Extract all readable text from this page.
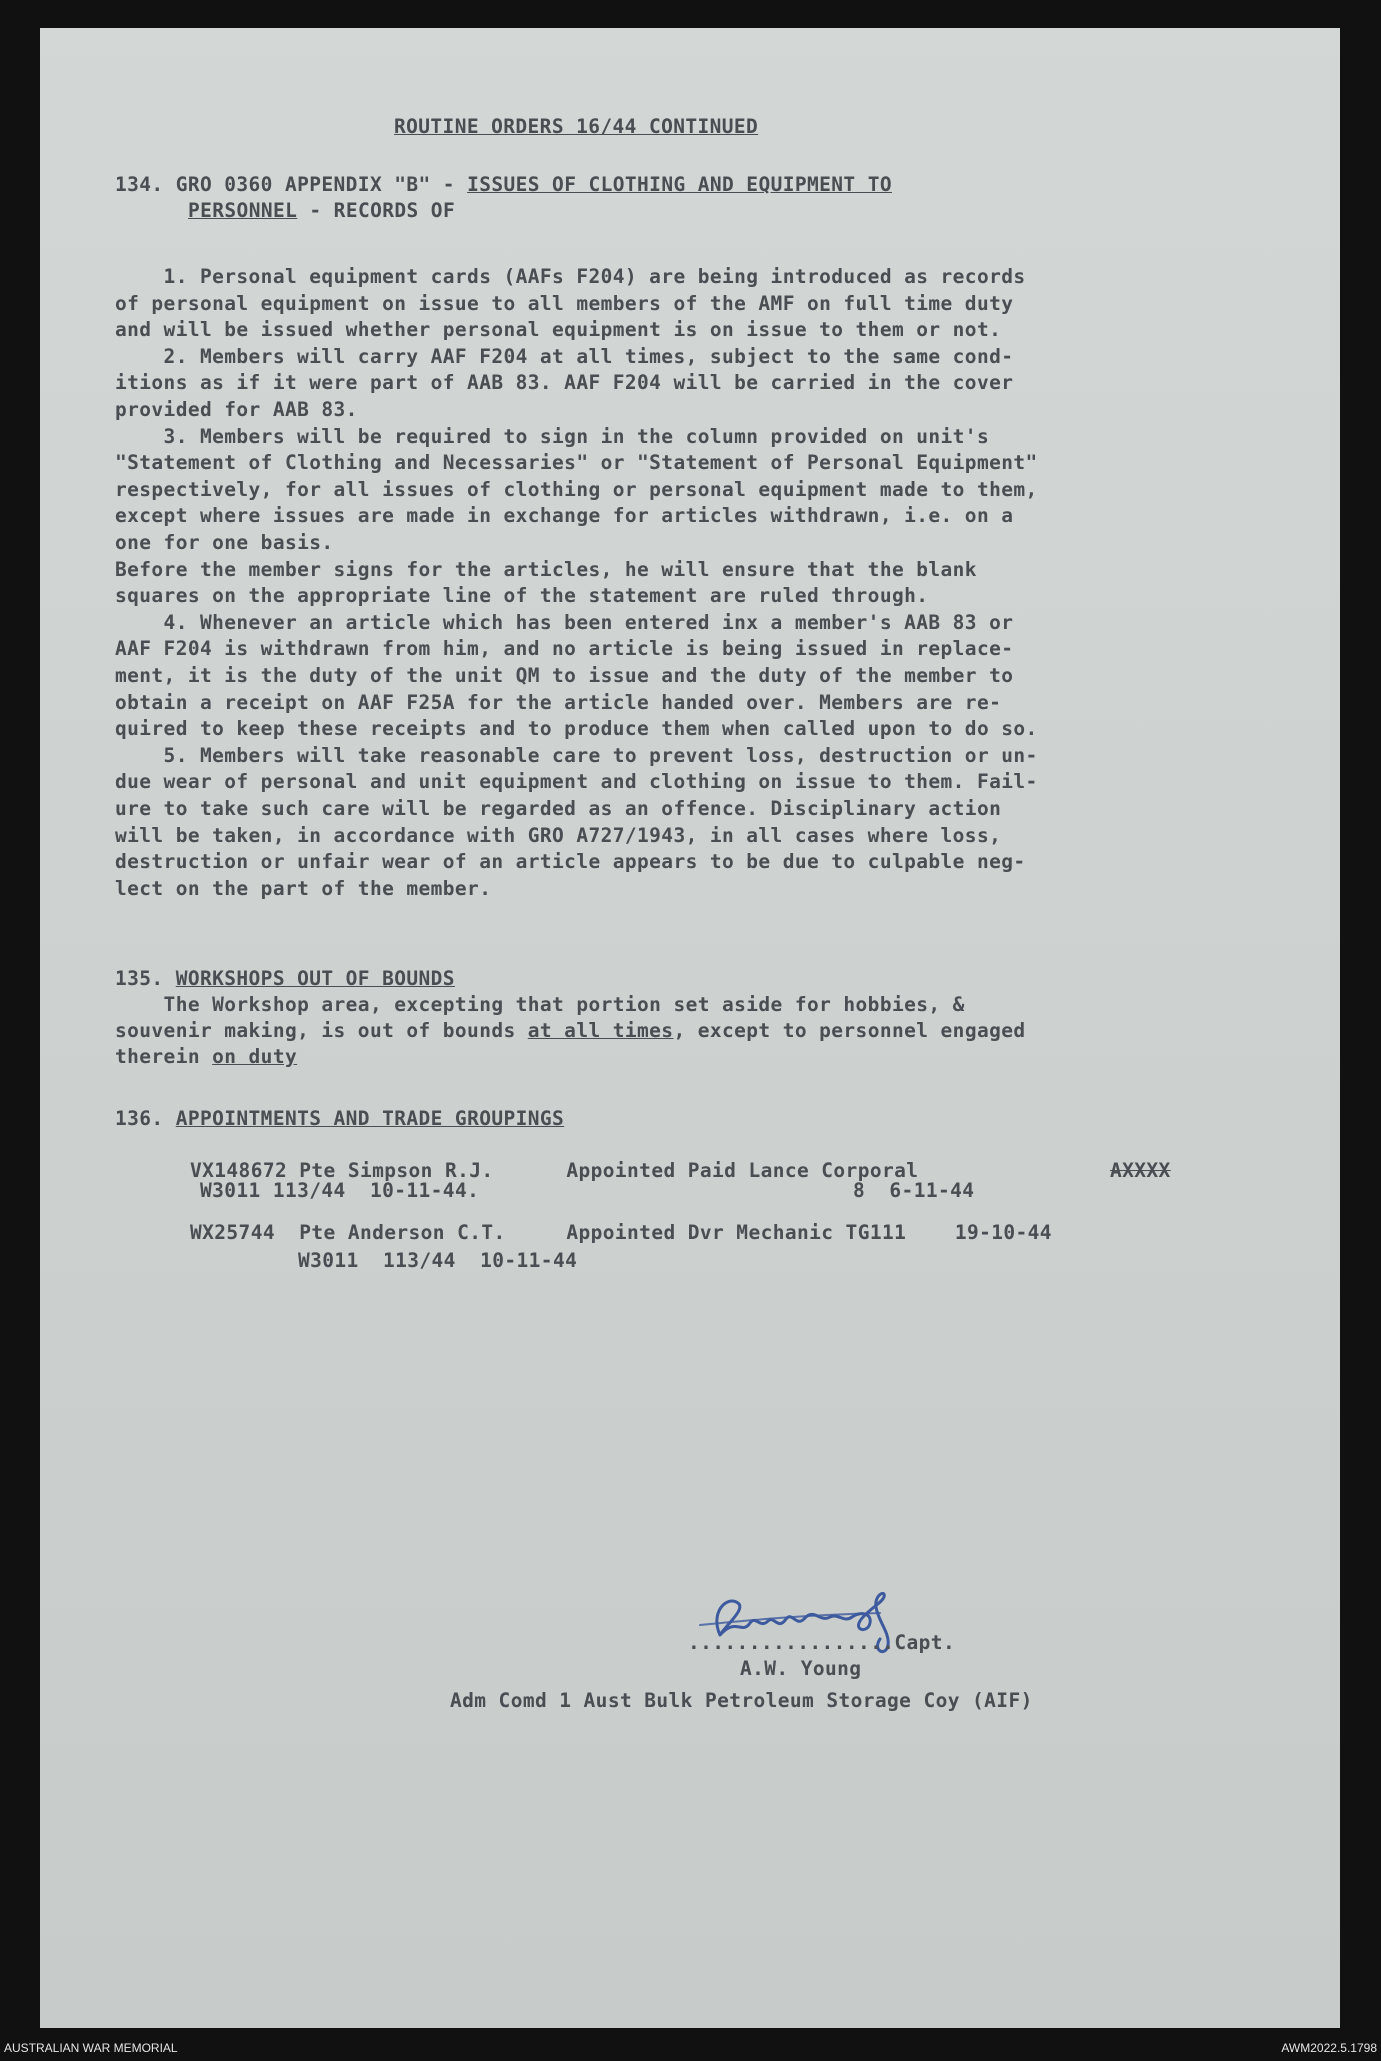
ROUTINE ORDERS 16/44 CONTINUED
134. GRO 0360 APPENDIX "B" - ISSUES OF CLOTHING AND EQUIPMENT TO
PERSONNEL - RECORDS OF
1. Personal equipment cards (AAFs F204) are being introduced as records
of personal equipment on issue to all members of the AMF on full time duty
and will be issued whether personal equipment is on issue to them or not.
2. Members will carry AAF F204 at all times, subject to the same cond-
itions as if it were part of AAB 83. AAF F204 will be carried in the cover
provided for AAB 83.
3. Members will be required to sign in the column provided on unit's
"Statement of Clothing and Necessaries" or "Statement of Personal Equipment"
respectively, for all issues of clothing or personal equipment made to them,
except where issues are made in exchange for articles withdrawn, i.e. on a
one for one basis.
Before the member signs for the articles, he will ensure that the blank
squares on the appropriate line of the statement are ruled through.
4. Whenever an article which has been entered inx a member's AAB 83 or
AAF F204 is withdrawn from him, and no article is being issued in replace-
ment, it is the duty of the unit QM to issue and the duty of the member to
obtain a receipt on AAF F25A for the article handed over. Members are re-
quired to keep these receipts and to produce them when called upon to do so.
5. Members will take reasonable care to prevent loss, destruction or un-
due wear of personal and unit equipment and clothing on issue to them. Fail-
ure to take such care will be regarded as an offence. Disciplinary action
will be taken, in accordance with GRO A727/1943, in all cases where loss,
destruction or unfair wear of an article appears to be due to culpable neg-
lect on the part of the member.
135. WORKSHOPS OUT OF BOUNDS
The Workshop area, excepting that portion set aside for hobbies, &
souvenir making, is out of bounds at all times, except to personnel engaged
therein on duty
136. APPOINTMENTS AND TRADE GROUPINGS
VX148672 Pte Simpson R.J.      Appointed Paid Lance Corporal	AXXXX
W3011 113/44  10-11-44.	8  6-11-44
WX25744  Pte Anderson C.T.     Appointed Dvr Mechanic TG111    19-10-44
W3011  113/44  10-11-44
.................Capt.
A.W. Young
Adm Comd 1 Aust Bulk Petroleum Storage Coy (AIF)
AUSTRALIAN WAR MEMORIAL	AWM2022.5.1798
